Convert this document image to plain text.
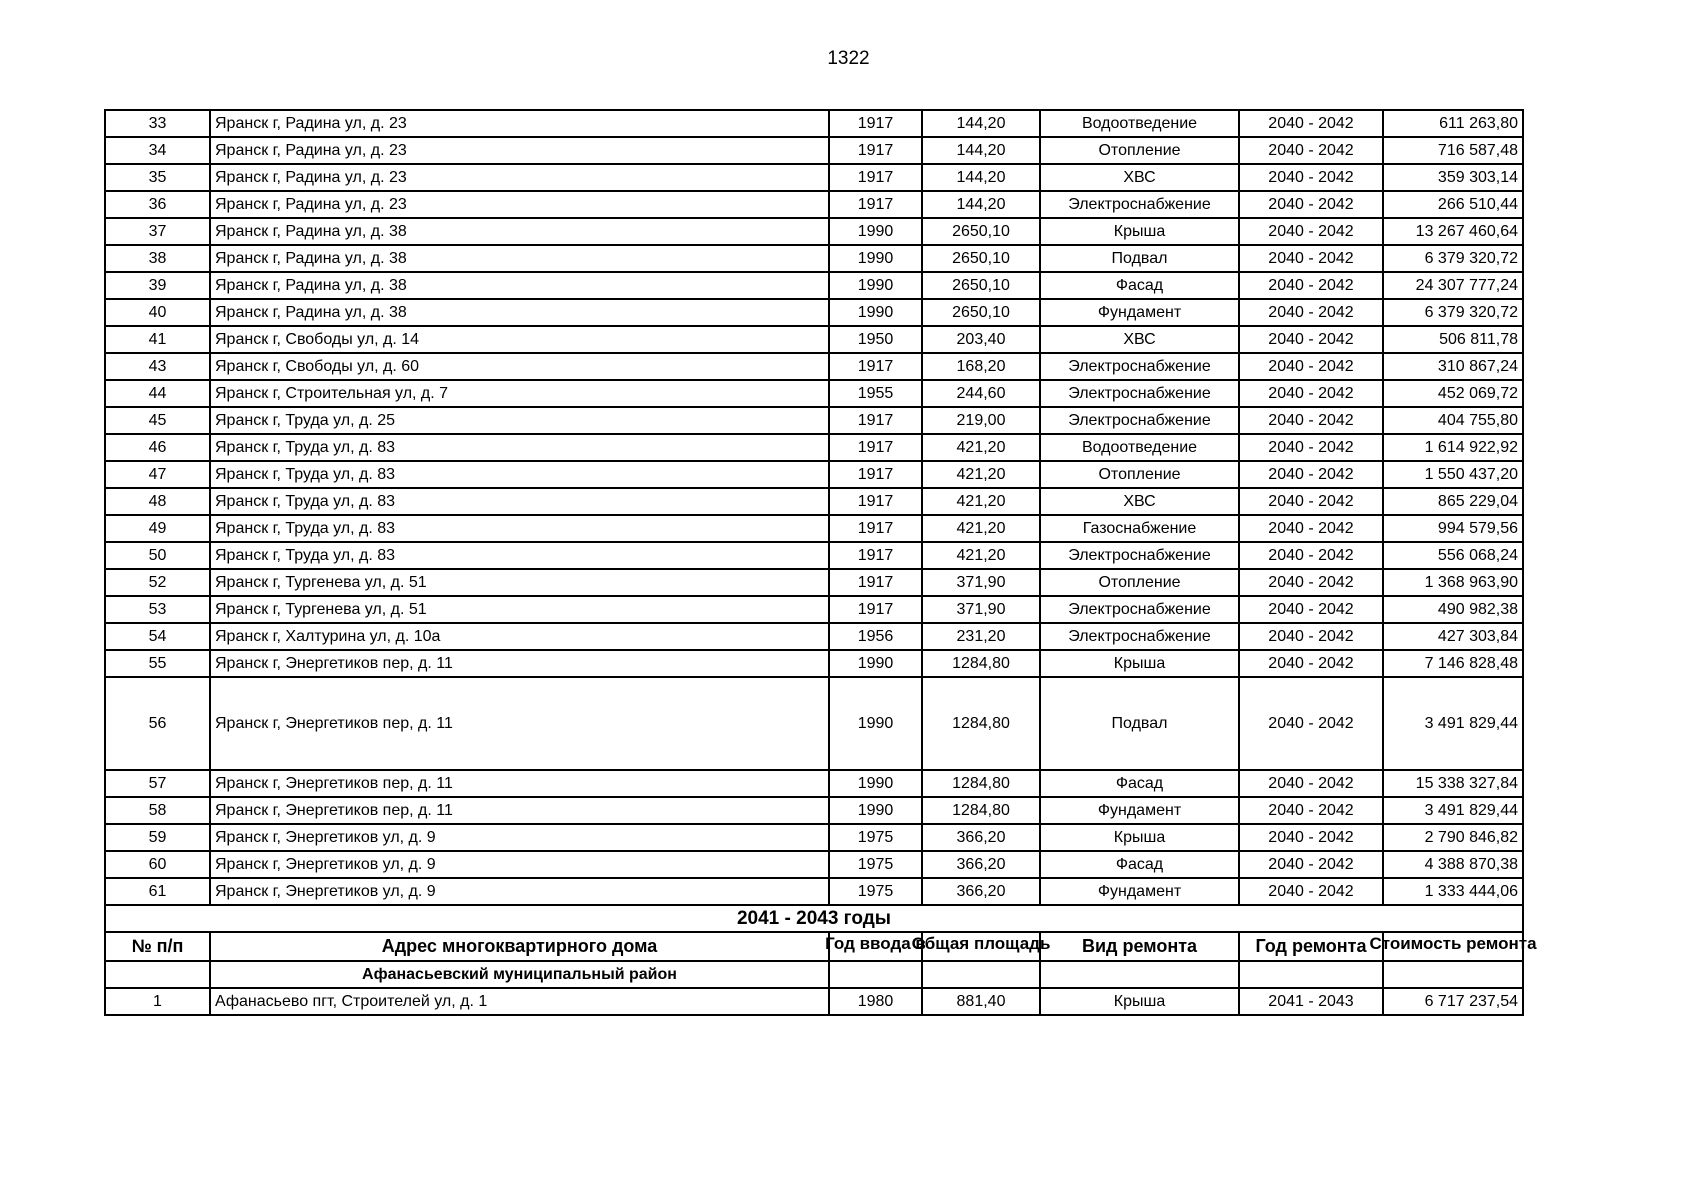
1322
33	Яранск г, Радина ул, д. 23	1917	144,20	Водоотведение	2040 - 2042	611 263,80
34	Яранск г, Радина ул, д. 23	1917	144,20	Отопление	2040 - 2042	716 587,48
35	Яранск г, Радина ул, д. 23	1917	144,20	ХВС	2040 - 2042	359 303,14
36	Яранск г, Радина ул, д. 23	1917	144,20	Электроснабжение	2040 - 2042	266 510,44
37	Яранск г, Радина ул, д. 38	1990	2650,10	Крыша	2040 - 2042	13 267 460,64
38	Яранск г, Радина ул, д. 38	1990	2650,10	Подвал	2040 - 2042	6 379 320,72
39	Яранск г, Радина ул, д. 38	1990	2650,10	Фасад	2040 - 2042	24 307 777,24
40	Яранск г, Радина ул, д. 38	1990	2650,10	Фундамент	2040 - 2042	6 379 320,72
41	Яранск г, Свободы ул, д. 14	1950	203,40	ХВС	2040 - 2042	506 811,78
43	Яранск г, Свободы ул, д. 60	1917	168,20	Электроснабжение	2040 - 2042	310 867,24
44	Яранск г, Строительная ул, д. 7	1955	244,60	Электроснабжение	2040 - 2042	452 069,72
45	Яранск г, Труда ул, д. 25	1917	219,00	Электроснабжение	2040 - 2042	404 755,80
46	Яранск г, Труда ул, д. 83	1917	421,20	Водоотведение	2040 - 2042	1 614 922,92
47	Яранск г, Труда ул, д. 83	1917	421,20	Отопление	2040 - 2042	1 550 437,20
48	Яранск г, Труда ул, д. 83	1917	421,20	ХВС	2040 - 2042	865 229,04
49	Яранск г, Труда ул, д. 83	1917	421,20	Газоснабжение	2040 - 2042	994 579,56
50	Яранск г, Труда ул, д. 83	1917	421,20	Электроснабжение	2040 - 2042	556 068,24
52	Яранск г, Тургенева ул, д. 51	1917	371,90	Отопление	2040 - 2042	1 368 963,90
53	Яранск г, Тургенева ул, д. 51	1917	371,90	Электроснабжение	2040 - 2042	490 982,38
54	Яранск г, Халтурина ул, д. 10а	1956	231,20	Электроснабжение	2040 - 2042	427 303,84
55	Яранск г, Энергетиков пер, д. 11	1990	1284,80	Крыша	2040 - 2042	7 146 828,48
56	Яранск г, Энергетиков пер, д. 11	1990	1284,80	Подвал	2040 - 2042	3 491 829,44
57	Яранск г, Энергетиков пер, д. 11	1990	1284,80	Фасад	2040 - 2042	15 338 327,84
58	Яранск г, Энергетиков пер, д. 11	1990	1284,80	Фундамент	2040 - 2042	3 491 829,44
59	Яранск г, Энергетиков ул, д. 9	1975	366,20	Крыша	2040 - 2042	2 790 846,82
60	Яранск г, Энергетиков ул, д. 9	1975	366,20	Фасад	2040 - 2042	4 388 870,38
61	Яранск г, Энергетиков ул, д. 9	1975	366,20	Фундамент	2040 - 2042	1 333 444,06
2041 - 2043 годы						
№ п/п	Адрес многоквартирного дома	Год ввода в	Общая площадь	Вид ремонта	Год ремонта	Стоимость ремонта

	Афанасьевский муниципальный район					
1	Афанасьево пгт, Строителей ул, д. 1	1980	881,40	Крыша	2041 - 2043	6 717 237,54
